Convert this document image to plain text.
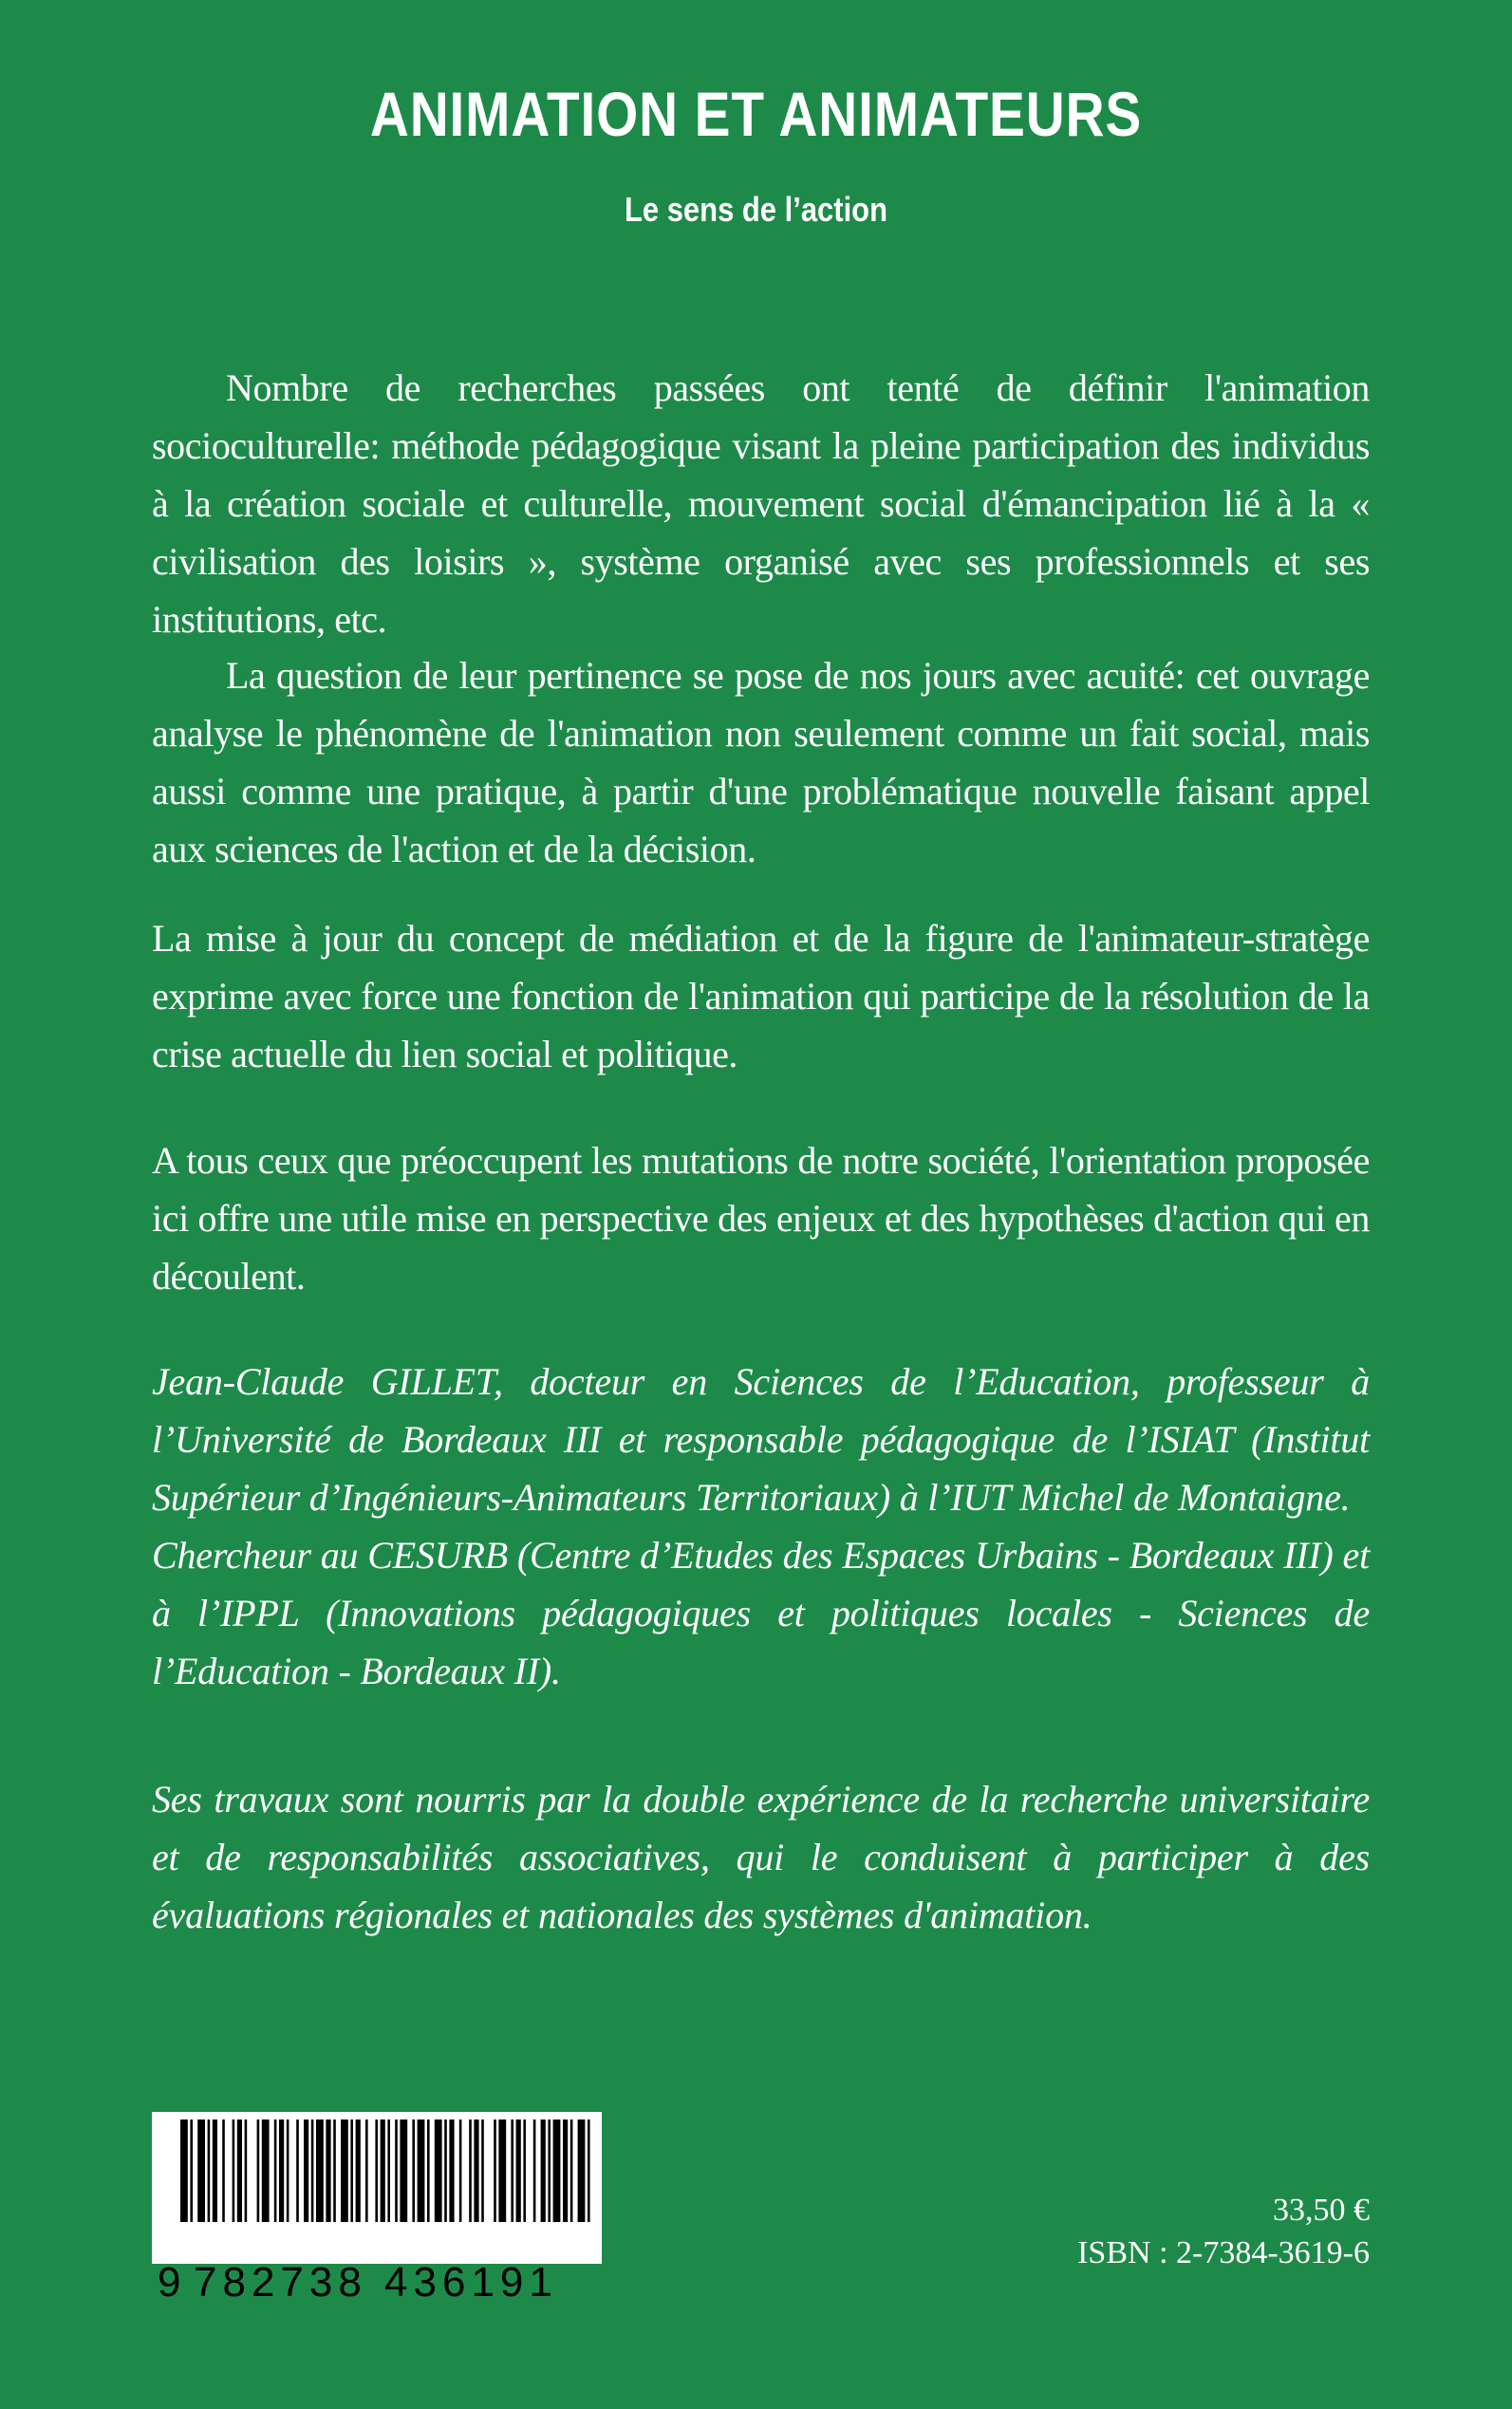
ANIMATION ET ANIMATEURS
Le sens de l’action

Nombre de recherches passées ont tenté de définir l'animation socioculturelle: méthode pédagogique visant la pleine participation des individus à la création sociale et culturelle, mouvement social d'émancipation lié à la « civilisation des loisirs », système organisé avec ses professionnels et ses institutions, etc.

La question de leur pertinence se pose de nos jours avec acuité: cet ouvrage analyse le phénomène de l'animation non seulement comme un fait social, mais aussi comme une pratique, à partir d'une problématique nouvelle faisant appel aux sciences de l'action et de la décision.

La mise à jour du concept de médiation et de la figure de l'animateur-stratège exprime avec force une fonction de l'animation qui participe de la résolution de la crise actuelle du lien social et politique.

A tous ceux que préoccupent les mutations de notre société, l'orientation proposée ici offre une utile mise en perspective des enjeux et des hypothèses d'action qui en découlent.

Jean-Claude GILLET, docteur en Sciences de l’Education, professeur à l’Université de Bordeaux III et responsable pédagogique de l’ISIAT (Institut Supérieur d’Ingénieurs-Animateurs Territoriaux) à l’IUT Michel de Montaigne.
Chercheur au CESURB (Centre d’Etudes des Espaces Urbains - Bordeaux III) et à l’IPPL (Innovations pédagogiques et politiques locales - Sciences de l’Education - Bordeaux II).

Ses travaux sont nourris par la double expérience de la recherche universitaire et de responsabilités associatives, qui le conduisent à participer à des évaluations régionales et nationales des systèmes d'animation.

9 782738 436191

33,50 €

ISBN : 2-7384-3619-6
